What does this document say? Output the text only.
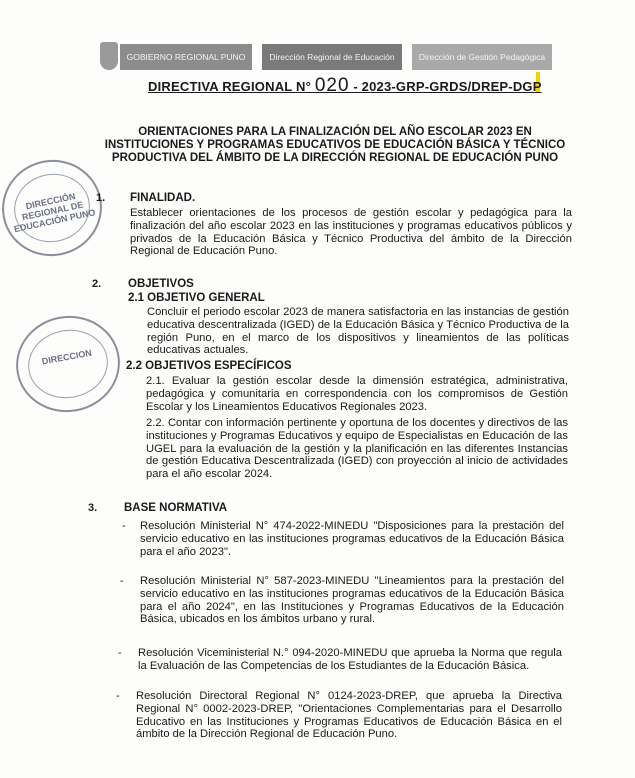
GOBIERNO REGIONAL PUNO	Dirección Regional de Educación	Dirección de Gestión Pedagógica
DIRECTIVA REGIONAL N° 020 - 2023-GRP-GRDS/DREP-DGP
DIRECCIÓN REGIONAL DE EDUCACIÓN PUNO
DIRECCION
ORIENTACIONES PARA LA FINALIZACIÓN DEL AÑO ESCOLAR 2023 EN INSTITUCIONES Y PROGRAMAS EDUCATIVOS DE EDUCACIÓN BÁSICA Y TÉCNICO PRODUCTIVA DEL ÁMBITO DE LA DIRECCIÓN REGIONAL DE EDUCACIÓN PUNO
1. FINALIDAD.
Establecer orientaciones de los procesos de gestión escolar y pedagógica para la finalización del año escolar 2023 en las instituciones y programas educativos públicos y privados de la Educación Básica y Técnico Productiva del ámbito de la Dirección Regional de Educación Puno.
2. OBJETIVOS
2.1 OBJETIVO GENERAL
Concluir el periodo escolar 2023 de manera satisfactoria en las instancias de gestión educativa descentralizada (IGED) de la Educación Básica y Técnico Productiva de la región Puno, en el marco de los dispositivos y lineamientos de las políticas educativas actuales.
2.2 OBJETIVOS ESPECÍFICOS
2.1. Evaluar la gestión escolar desde la dimensión estratégica, administrativa, pedagógica y comunitaria en correspondencia con los compromisos de Gestión Escolar y los Lineamientos Educativos Regionales 2023.
2.2. Contar con información pertinente y oportuna de los docentes y directivos de las instituciones y Programas Educativos y equipo de Especialistas en Educación de las UGEL para la evaluación de la gestión y la planificación en las diferentes Instancias de gestión Educativa Descentralizada (IGED) con proyección al inicio de actividades para el año escolar 2024.
3. BASE NORMATIVA
- Resolución Ministerial N° 474-2022-MINEDU "Disposiciones para la prestación del servicio educativo en las instituciones programas educativos de la Educación Básica para el año 2023".
- Resolución Ministerial N° 587-2023-MINEDU "Lineamientos para la prestación del servicio educativo en las instituciones programas educativos de la Educación Básica para el año 2024", en las Instituciones y Programas Educativos de la Educación Básica, ubicados en los ámbitos urbano y rural.
- Resolución Viceministerial N.° 094-2020-MINEDU que aprueba la Norma que regula la Evaluación de las Competencias de los Estudiantes de la Educación Básica.
- Resolución Directoral Regional N° 0124-2023-DREP, que aprueba la Directiva Regional N° 0002-2023-DREP, "Orientaciones Complementarias para el Desarrollo Educativo en las Instituciones y Programas Educativos de Educación Básica en el ámbito de la Dirección Regional de Educación Puno.
